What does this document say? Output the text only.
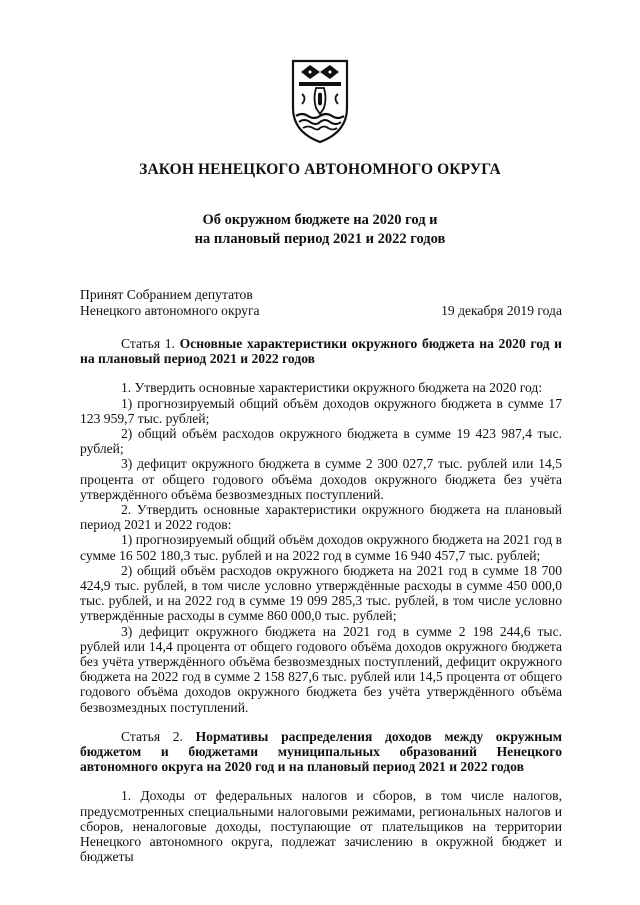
ЗАКОН НЕНЕЦКОГО АВТОНОМНОГО ОКРУГА
Об окружном бюджете на 2020 год и
на плановый период 2021 и 2022 годов
Принят Собранием депутатов
Ненецкого автономного округа	19 декабря 2019 года

Статья 1. Основные характеристики окружного бюджета на 2020 год и на плановый период 2021 и 2022 годов

1. Утвердить основные характеристики окружного бюджета на 2020 год:

1) прогнозируемый общий объём доходов окружного бюджета в сумме 17 123 959,7 тыс. рублей;

2) общий объём расходов окружного бюджета в сумме 19 423 987,4 тыс. рублей;

3) дефицит окружного бюджета в сумме 2 300 027,7 тыс. рублей или 14,5 процента от общего годового объёма доходов окружного бюджета без учёта утверждённого объёма безвозмездных поступлений.

2. Утвердить основные характеристики окружного бюджета на плановый период 2021 и 2022 годов:

1) прогнозируемый общий объём доходов окружного бюджета на 2021 год в сумме 16 502 180,3 тыс. рублей и на 2022 год в сумме 16 940 457,7 тыс. рублей;

2) общий объём расходов окружного бюджета на 2021 год в сумме 18 700 424,9 тыс. рублей, в том числе условно утверждённые расходы в сумме 450 000,0 тыс. рублей, и на 2022 год в сумме 19 099 285,3 тыс. рублей, в том числе условно утверждённые расходы в сумме 860 000,0 тыс. рублей;

3) дефицит окружного бюджета на 2021 год в сумме 2 198 244,6 тыс. рублей или 14,4 процента от общего годового объёма доходов окружного бюджета без учёта утверждённого объёма безвозмездных поступлений, дефицит окружного бюджета на 2022 год в сумме 2 158 827,6 тыс. рублей или 14,5 процента от общего годового объёма доходов окружного бюджета без учёта утверждённого объёма безвозмездных поступлений.

Статья 2. Нормативы распределения доходов между окружным бюджетом и бюджетами муниципальных образований Ненецкого автономного округа на 2020 год и на плановый период 2021 и 2022 годов

1. Доходы от федеральных налогов и сборов, в том числе налогов, предусмотренных специальными налоговыми режимами, региональных налогов и сборов, неналоговые доходы, поступающие от плательщиков на территории Ненецкого автономного округа, подлежат зачислению в окружной бюджет и бюджеты
